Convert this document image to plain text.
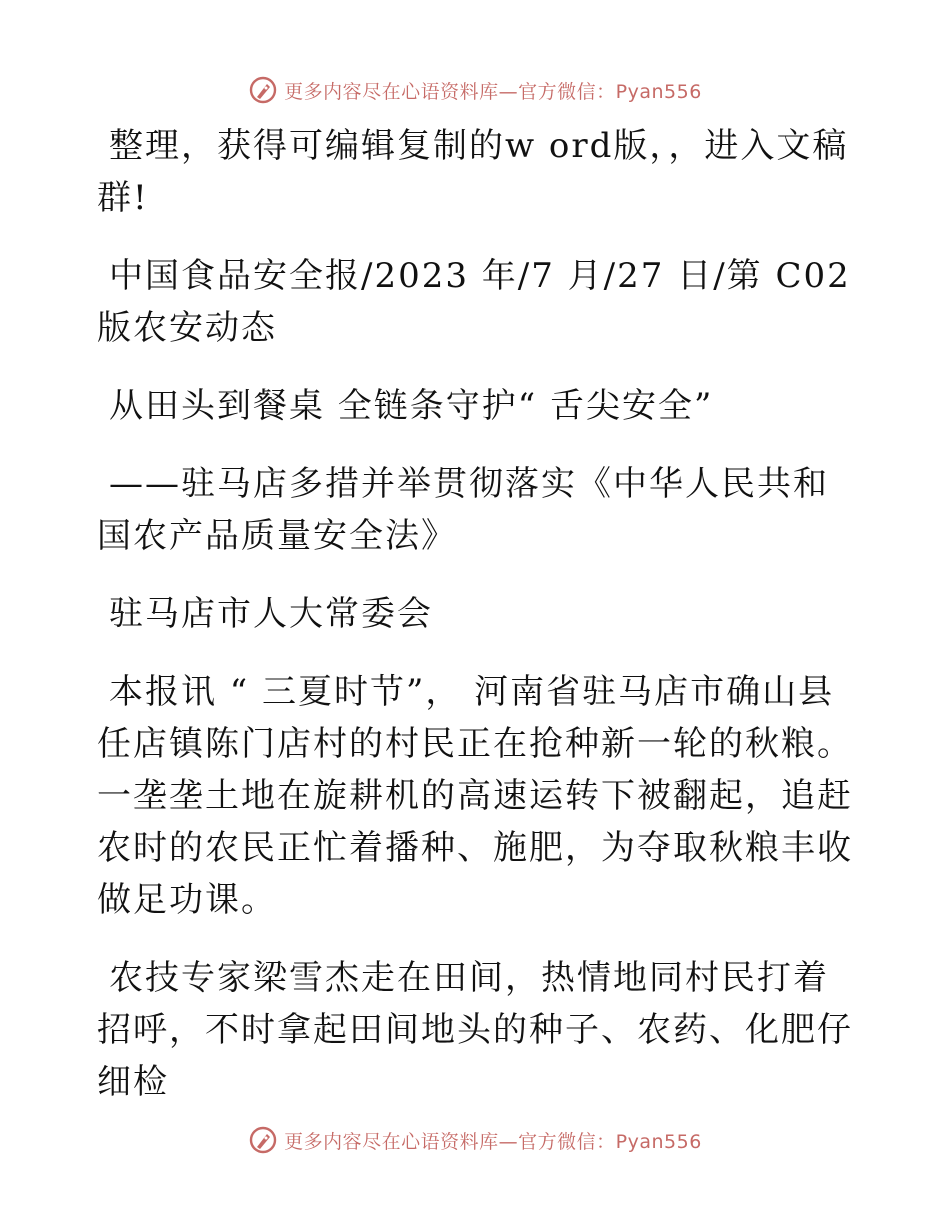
更多内容尽在心语资料库—官方微信：Pyan556

整理，获得可编辑复制的w ord版，，进入文稿群!

中国食品安全报/2023 年/7 月/27 日/第 C02 版农安动态

从田头到餐桌 全链条守护“ 舌尖安全”

——驻马店多措并举贯彻落实《中华人民共和国农产品质量安全法》

驻马店市人大常委会

本报讯 “ 三夏时节”， 河南省驻马店市确山县任店镇陈门店村的村民正在抢种新一轮的秋粮。一垄垄土地在旋耕机的高速运转下被翻起，追赶农时的农民正忙着播种、施肥，为夺取秋粮丰收做足功课。

农技专家梁雪杰走在田间，热情地同村民打着招呼，不时拿起田间地头的种子、农药、化肥仔细检

更多内容尽在心语资料库—官方微信：Pyan556
